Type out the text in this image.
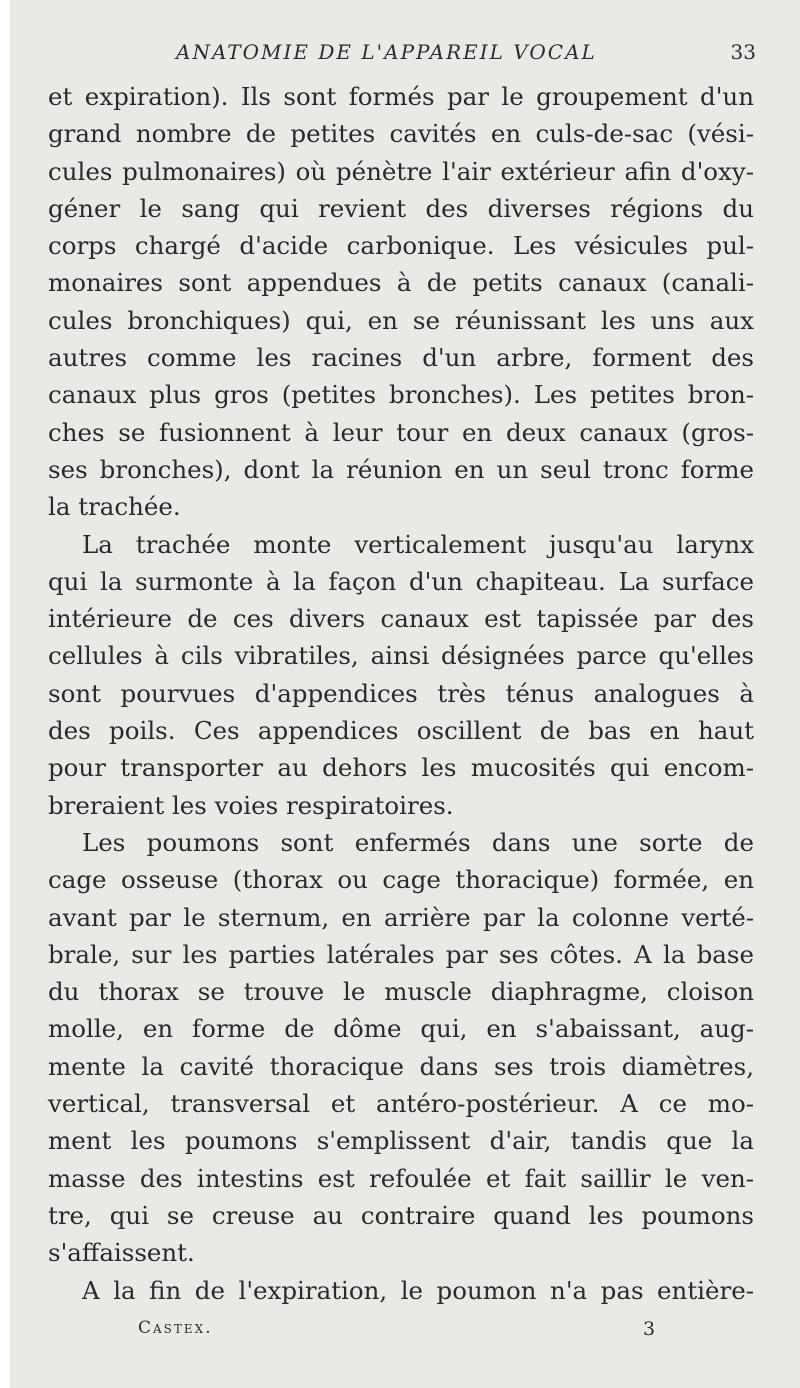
ANATOMIE DE L'APPAREIL VOCAL	33
et expiration). Ils sont formés par le groupement d'un
grand nombre de petites cavités en culs-de-sac (vési-
cules pulmonaires) où pénètre l'air extérieur afin d'oxy-
géner le sang qui revient des diverses régions du
corps chargé d'acide carbonique. Les vésicules pul-
monaires sont appendues à de petits canaux (canali-
cules bronchiques) qui, en se réunissant les uns aux
autres comme les racines d'un arbre, forment des
canaux plus gros (petites bronches). Les petites bron-
ches se fusionnent à leur tour en deux canaux (gros-
ses bronches), dont la réunion en un seul tronc forme
la trachée.
La trachée monte verticalement jusqu'au larynx
qui la surmonte à la façon d'un chapiteau. La surface
intérieure de ces divers canaux est tapissée par des
cellules à cils vibratiles, ainsi désignées parce qu'elles
sont pourvues d'appendices très ténus analogues à
des poils. Ces appendices oscillent de bas en haut
pour transporter au dehors les mucosités qui encom-
breraient les voies respiratoires.
Les poumons sont enfermés dans une sorte de
cage osseuse (thorax ou cage thoracique) formée, en
avant par le sternum, en arrière par la colonne verté-
brale, sur les parties latérales par ses côtes. A la base
du thorax se trouve le muscle diaphragme, cloison
molle, en forme de dôme qui, en s'abaissant, aug-
mente la cavité thoracique dans ses trois diamètres,
vertical, transversal et antéro-postérieur. A ce mo-
ment les poumons s'emplissent d'air, tandis que la
masse des intestins est refoulée et fait saillir le ven-
tre, qui se creuse au contraire quand les poumons
s'affaissent.
A la fin de l'expiration, le poumon n'a pas entière-
Castex.	3
